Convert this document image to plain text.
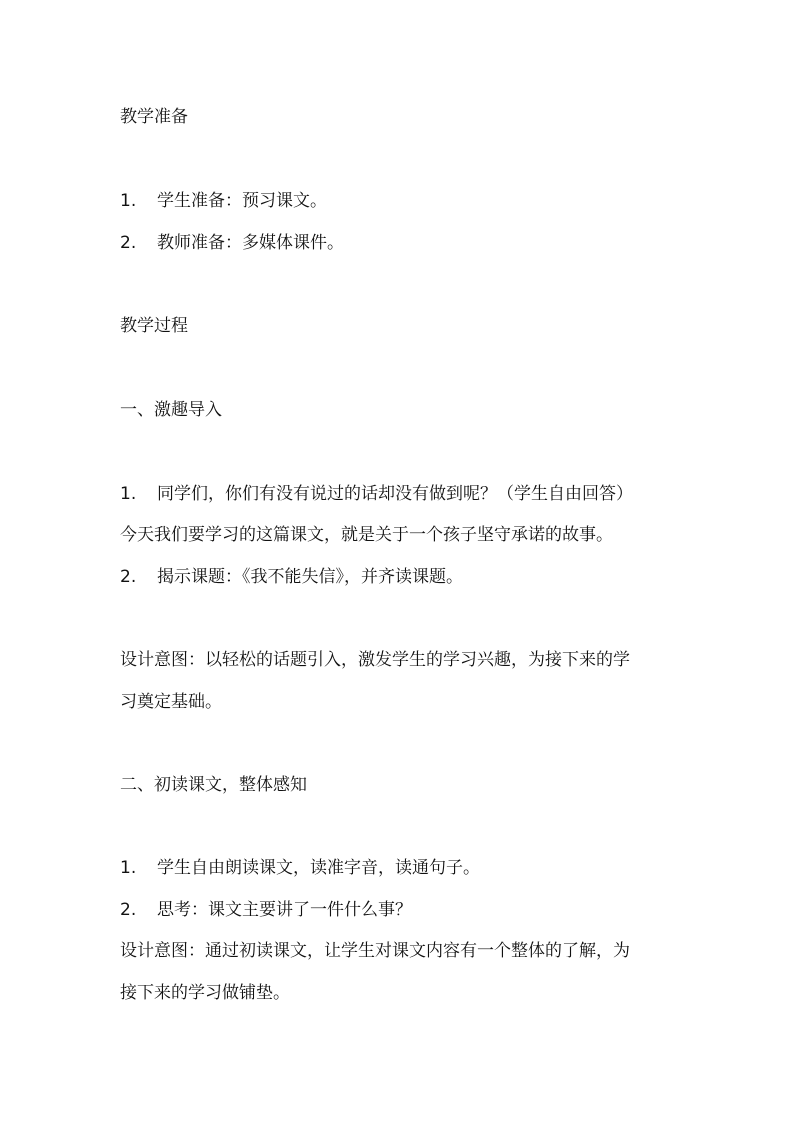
教学准备
1. 学生准备：预习课文。
2. 教师准备：多媒体课件。
教学过程
一、激趣导入
1. 同学们，你们有没有说过的话却没有做到呢？（学生自由回答）
今天我们要学习的这篇课文，就是关于一个孩子坚守承诺的故事。
2. 揭示课题：《我不能失信》，并齐读课题。
设计意图：以轻松的话题引入，激发学生的学习兴趣，为接下来的学
习奠定基础。
二、初读课文，整体感知
1. 学生自由朗读课文，读准字音，读通句子。
2. 思考：课文主要讲了一件什么事？
设计意图：通过初读课文，让学生对课文内容有一个整体的了解，为
接下来的学习做铺垫。
